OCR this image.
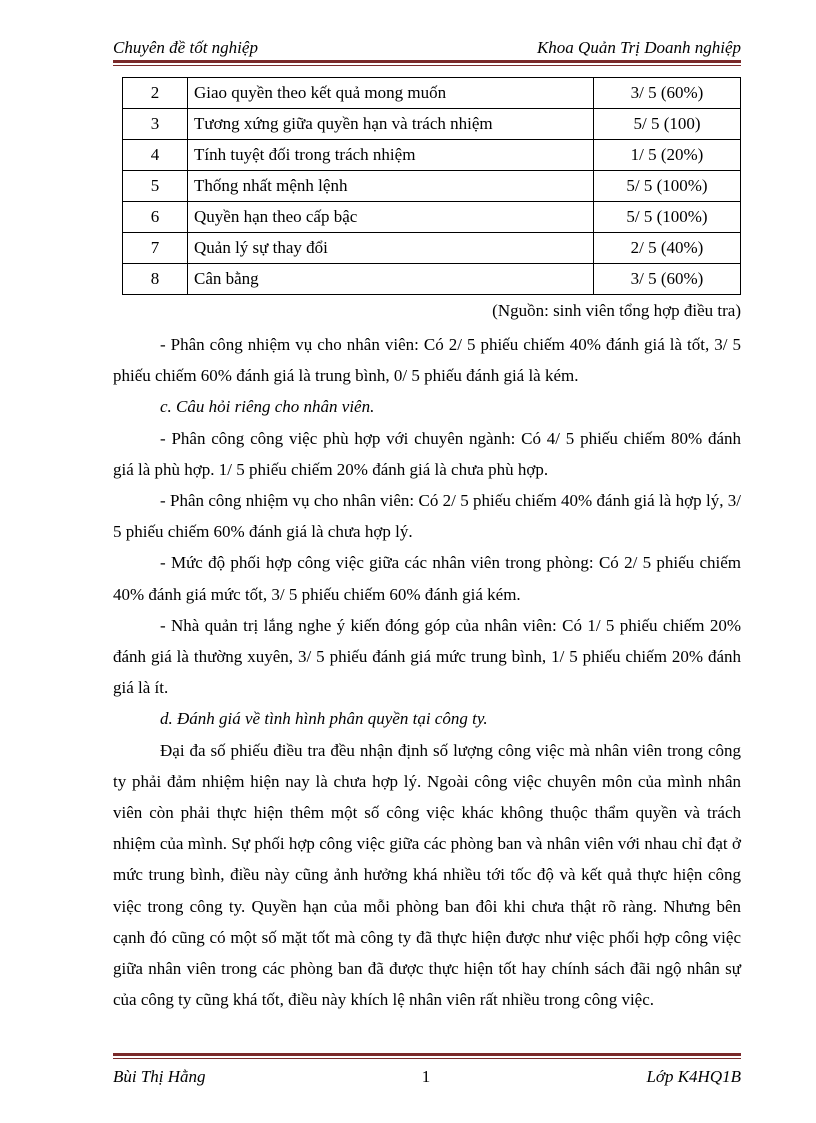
Chuyên đề tốt nghiệp	Khoa Quản Trị Doanh nghiệp
2	Giao quyền theo kết quả mong muốn	3/ 5 (60%)
3	Tương xứng giữa quyền hạn và trách nhiệm	5/ 5 (100)
4	Tính tuyệt đối trong trách nhiệm	1/ 5 (20%)
5	Thống nhất mệnh lệnh	5/ 5 (100%)
6	Quyền hạn theo cấp bậc	5/ 5 (100%)
7	Quản lý sự thay đổi	2/ 5 (40%)
8	Cân bằng	3/ 5 (60%)
(Nguồn: sinh viên tổng hợp điều tra)

- Phân công nhiệm vụ cho nhân viên: Có 2/ 5 phiếu chiếm 40% đánh giá là tốt, 3/ 5 phiếu chiếm 60% đánh giá là trung bình, 0/ 5 phiếu đánh giá là kém.

c. Câu hỏi riêng cho nhân viên.

- Phân công công việc phù hợp với chuyên ngành: Có 4/ 5 phiếu chiếm 80% đánh giá là phù hợp. 1/ 5 phiếu chiếm 20% đánh giá là chưa phù hợp.

- Phân công nhiệm vụ cho nhân viên: Có 2/ 5 phiếu chiếm 40% đánh giá là hợp lý, 3/ 5 phiếu chiếm 60% đánh giá là chưa hợp lý.

- Mức độ phối hợp công việc giữa các nhân viên trong phòng: Có 2/ 5 phiếu chiếm 40% đánh giá mức tốt, 3/ 5 phiếu chiếm 60% đánh giá kém.

- Nhà quản trị lắng nghe ý kiến đóng góp của nhân viên: Có 1/ 5 phiếu chiếm 20% đánh giá là thường xuyên, 3/ 5 phiếu đánh giá mức trung bình, 1/ 5 phiếu chiếm 20% đánh giá là ít.

d. Đánh giá về tình hình phân quyền tại công ty.

Đại đa số phiếu điều tra đều nhận định số lượng công việc mà nhân viên trong công ty phải đảm nhiệm hiện nay là chưa hợp lý. Ngoài công việc chuyên môn của mình nhân viên còn phải thực hiện thêm một số công việc khác không thuộc thẩm quyền và trách nhiệm của mình. Sự phối hợp công việc giữa các phòng ban và nhân viên với nhau chỉ đạt ở mức trung bình, điều này cũng ảnh hưởng khá nhiều tới tốc độ và kết quả thực hiện công việc trong công ty. Quyền hạn của mỗi phòng ban đôi khi chưa thật rõ ràng. Nhưng bên cạnh đó cũng có một số mặt tốt mà công ty đã thực hiện được như việc phối hợp công việc giữa nhân viên trong các phòng ban đã được thực hiện tốt hay chính sách đãi ngộ nhân sự của công ty cũng khá tốt, điều này khích lệ nhân viên rất nhiều trong công việc.

Bùi Thị Hằng	1	Lớp K4HQ1B
